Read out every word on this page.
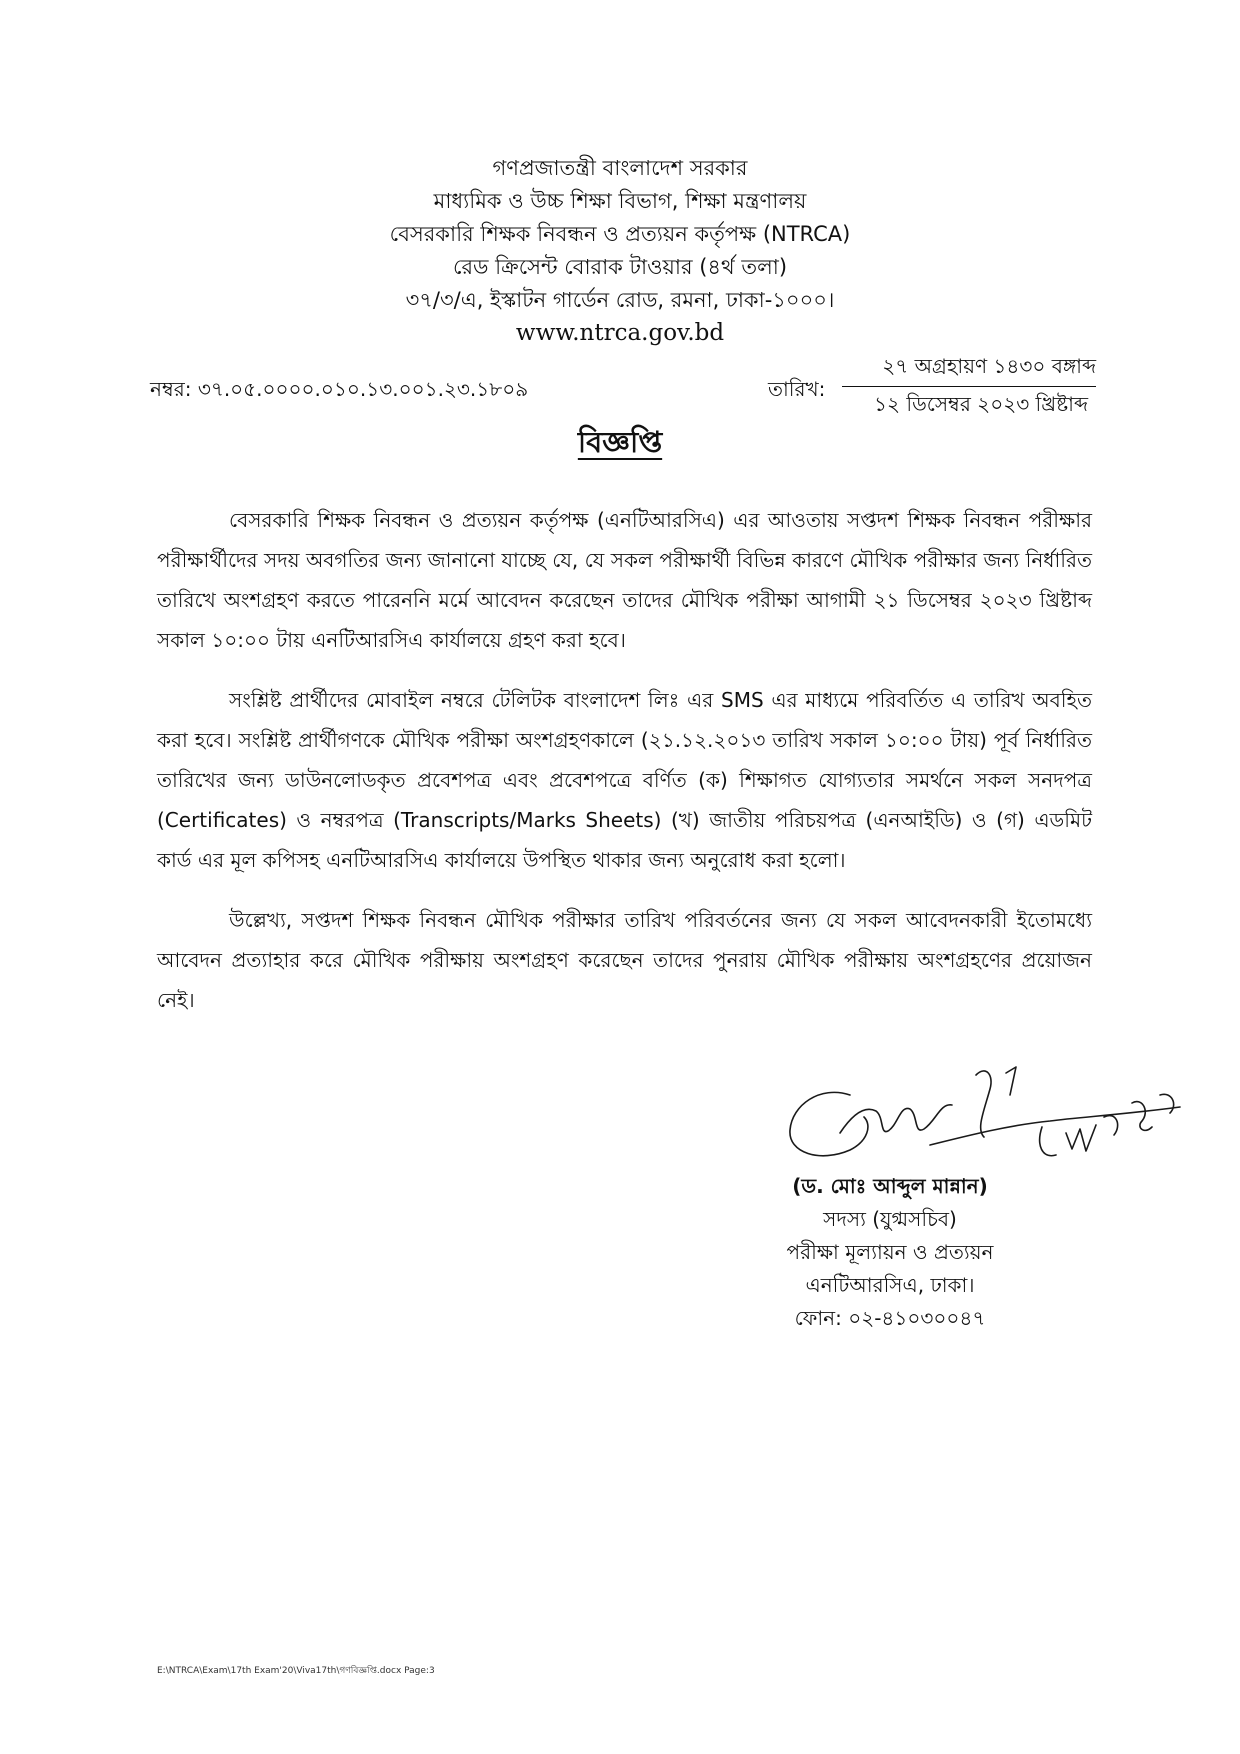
গণপ্রজাতন্ত্রী বাংলাদেশ সরকার
মাধ্যমিক ও উচ্চ শিক্ষা বিভাগ, শিক্ষা মন্ত্রণালয়
বেসরকারি শিক্ষক নিবন্ধন ও প্রত্যয়ন কর্তৃপক্ষ (NTRCA)
রেড ক্রিসেন্ট বোরাক টাওয়ার (৪র্থ তলা)
৩৭/৩/এ, ইস্কাটন গার্ডেন রোড, রমনা, ঢাকা-১০০০।
www.ntrca.gov.bd
নম্বর: ৩৭.০৫.০০০০.০১০.১৩.০০১.২৩.১৮০৯	তারিখ:
২৭ অগ্রহায়ণ ১৪৩০ বঙ্গাব্দ
১২ ডিসেম্বর ২০২৩ খ্রিষ্টাব্দ
বিজ্ঞপ্তি

বেসরকারি শিক্ষক নিবন্ধন ও প্রত্যয়ন কর্তৃপক্ষ (এনটিআরসিএ) এর আওতায় সপ্তদশ শিক্ষক নিবন্ধন পরীক্ষার পরীক্ষার্থীদের সদয় অবগতির জন্য জানানো যাচ্ছে যে, যে সকল পরীক্ষার্থী বিভিন্ন কারণে মৌখিক পরীক্ষার জন্য নির্ধারিত তারিখে অংশগ্রহণ করতে পারেননি মর্মে আবেদন করেছেন তাদের মৌখিক পরীক্ষা আগামী ২১ ডিসেম্বর ২০২৩ খ্রিষ্টাব্দ সকাল ১০:০০ টায় এনটিআরসিএ কার্যালয়ে গ্রহণ করা হবে।

সংশ্লিষ্ট প্রার্থীদের মোবাইল নম্বরে টেলিটক বাংলাদেশ লিঃ এর SMS এর মাধ্যমে পরিবর্তিত এ তারিখ অবহিত করা হবে। সংশ্লিষ্ট প্রার্থীগণকে মৌখিক পরীক্ষা অংশগ্রহণকালে (২১.১২.২০১৩ তারিখ সকাল ১০:০০ টায়) পূর্ব নির্ধারিত তারিখের জন্য ডাউনলোডকৃত প্রবেশপত্র এবং প্রবেশপত্রে বর্ণিত (ক) শিক্ষাগত যোগ্যতার সমর্থনে সকল সনদপত্র (Certificates) ও নম্বরপত্র (Transcripts/Marks Sheets) (খ) জাতীয় পরিচয়পত্র (এনআইডি) ও (গ) এডমিট কার্ড এর মূল কপিসহ এনটিআরসিএ কার্যালয়ে উপস্থিত থাকার জন্য অনুরোধ করা হলো।

উল্লেখ্য, সপ্তদশ শিক্ষক নিবন্ধন মৌখিক পরীক্ষার তারিখ পরিবর্তনের জন্য যে সকল আবেদনকারী ইতোমধ্যে আবেদন প্রত্যাহার করে মৌখিক পরীক্ষায় অংশগ্রহণ করেছেন তাদের পুনরায় মৌখিক পরীক্ষায় অংশগ্রহণের প্রয়োজন নেই।

(ড. মোঃ আব্দুল মান্নান)
সদস্য (যুগ্মসচিব)
পরীক্ষা মূল্যায়ন ও প্রত্যয়ন
এনটিআরসিএ, ঢাকা।
ফোন: ০২-৪১০৩০০৪৭
E:\NTRCA\Exam\17th Exam'20\Viva17th\গণবিজ্ঞপ্তি.docx Page:3
